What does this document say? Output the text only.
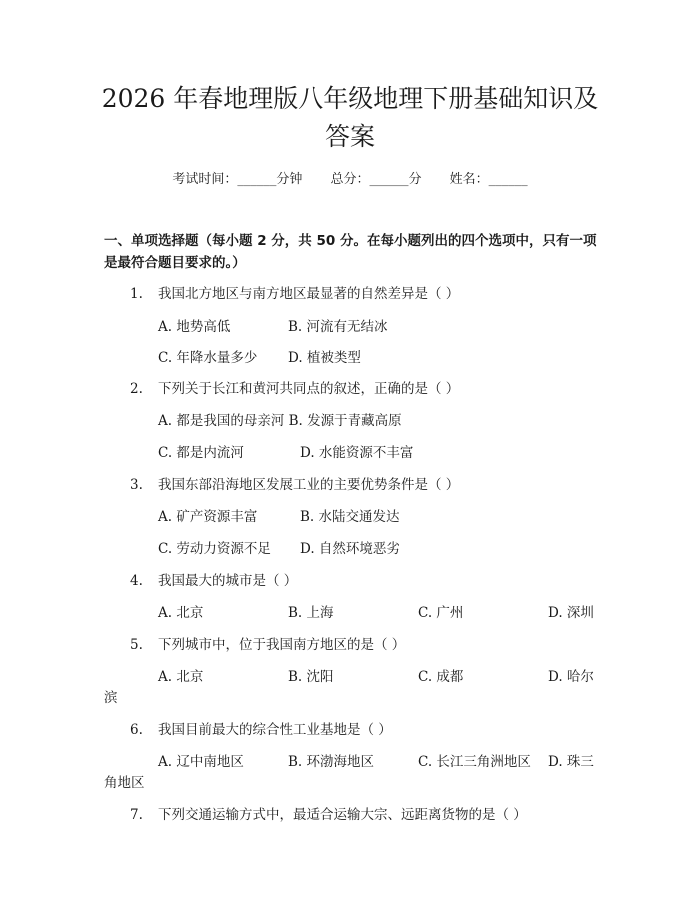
2026 年春地理版八年级地理下册基础知识及
答案
考试时间：______分钟 总分：______分 姓名：______
一、单项选择题（每小题 2 分，共 50 分。在每小题列出的四个选项中，只有一项
是最符合题目要求的。）
1. 我国北方地区与南方地区最显著的自然差异是（ ）
A. 地势高低	B. 河流有无结冰
C. 年降水量多少 D. 植被类型
2. 下列关于长江和黄河共同点的叙述，正确的是（ ）
A. 都是我国的母亲河 B. 发源于青藏高原
C. 都是内流河	D. 水能资源不丰富
3. 我国东部沿海地区发展工业的主要优势条件是（ ）
A. 矿产资源丰富	B. 水陆交通发达
C. 劳动力资源不足 D. 自然环境恶劣
4. 我国最大的城市是（ ）
A. 北京	B. 上海	C. 广州	D. 深圳
5. 下列城市中，位于我国南方地区的是（ ）
A. 北京	B. 沈阳	C. 成都	D. 哈尔
滨
6. 我国目前最大的综合性工业基地是（ ）
A. 辽中南地区	B. 环渤海地区	C. 长江三角洲地区 D. 珠三
角地区
7. 下列交通运输方式中，最适合运输大宗、远距离货物的是（ ）
